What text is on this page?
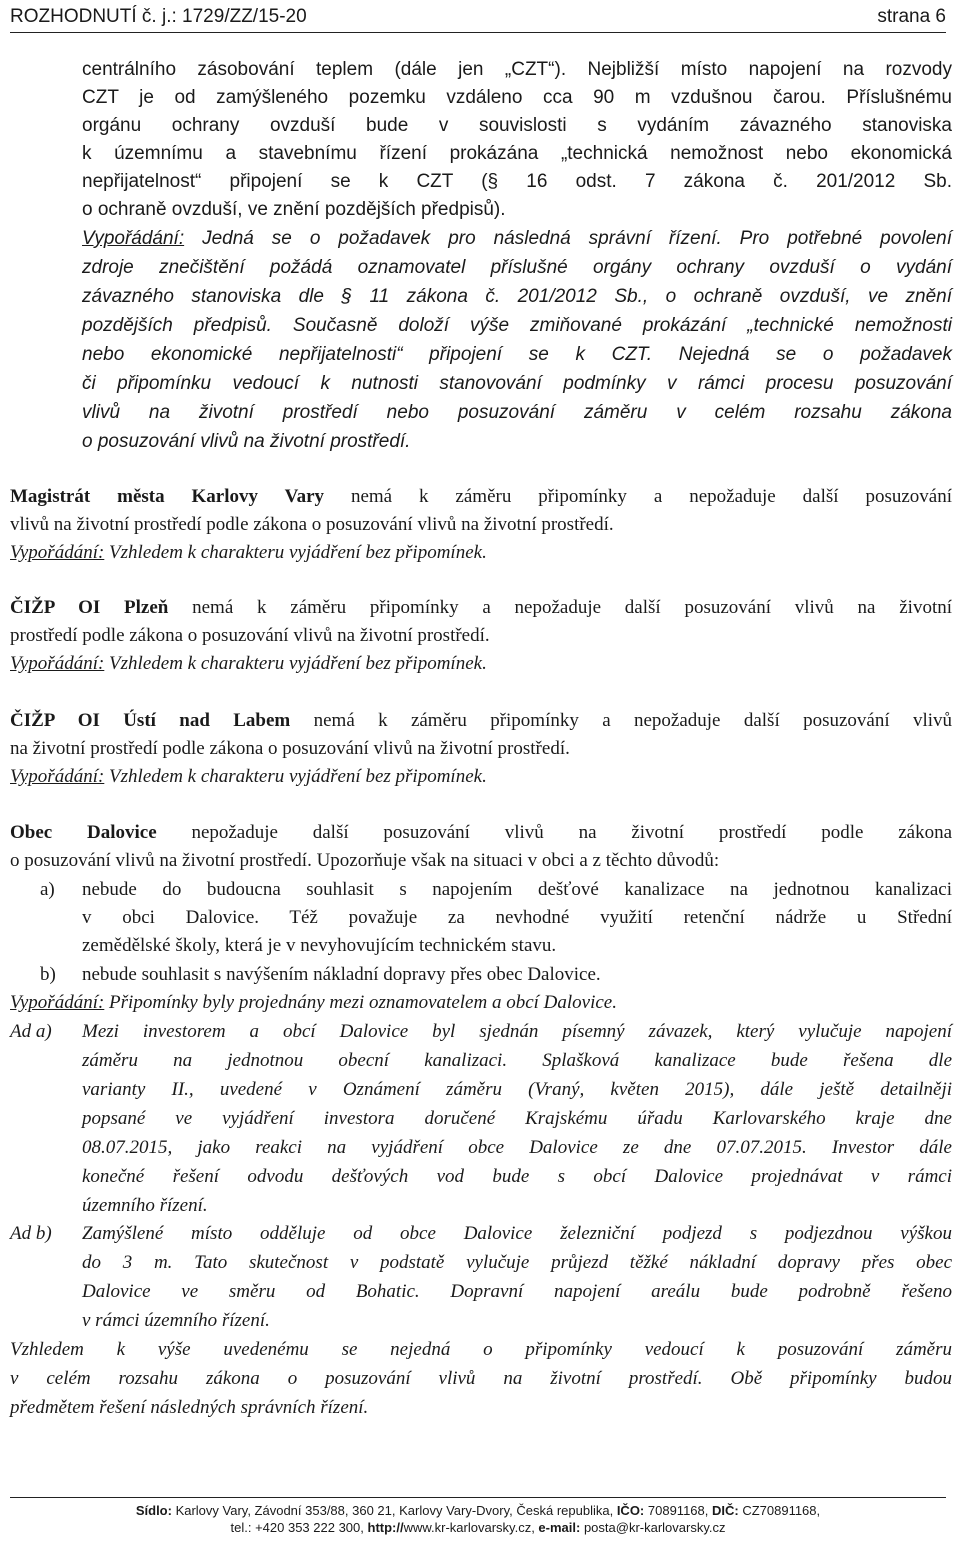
ROZHODNUTÍ č. j.: 1729/ZZ/15-20	strana 6
centrálního zásobování teplem (dále jen „CZT“). Nejbližší místo napojení na rozvody
CZT je od zamýšleného pozemku vzdáleno cca 90 m vzdušnou čarou. Příslušnému
orgánu ochrany ovzduší bude v souvislosti s vydáním závazného stanoviska
k územnímu a stavebnímu řízení prokázána „technická nemožnost nebo ekonomická
nepřijatelnost“ připojení se k CZT (§ 16 odst. 7 zákona č. 201/2012 Sb.
o ochraně ovzduší, ve znění pozdějších předpisů).
Vypořádání: Jedná se o požadavek pro následná správní řízení. Pro potřebné povolení
zdroje znečištění požádá oznamovatel příslušné orgány ochrany ovzduší o vydání
závazného stanoviska dle § 11 zákona č. 201/2012 Sb., o ochraně ovzduší, ve znění
pozdějších předpisů. Současně doloží výše zmiňované prokázání „technické nemožnosti
nebo ekonomické nepřijatelnosti“ připojení se k CZT. Nejedná se o požadavek
či připomínku vedoucí k nutnosti stanovování podmínky v rámci procesu posuzování
vlivů na životní prostředí nebo posuzování záměru v celém rozsahu zákona
o posuzování vlivů na životní prostředí.
Magistrát města Karlovy Vary nemá k záměru připomínky a nepožaduje další posuzování
vlivů na životní prostředí podle zákona o posuzování vlivů na životní prostředí.
Vypořádání: Vzhledem k charakteru vyjádření bez připomínek.
ČIŽP OI Plzeň nemá k záměru připomínky a nepožaduje další posuzování vlivů na životní
prostředí podle zákona o posuzování vlivů na životní prostředí.
Vypořádání: Vzhledem k charakteru vyjádření bez připomínek.
ČIŽP OI Ústí nad Labem nemá k záměru připomínky a nepožaduje další posuzování vlivů
na životní prostředí podle zákona o posuzování vlivů na životní prostředí.
Vypořádání: Vzhledem k charakteru vyjádření bez připomínek.
Obec Dalovice nepožaduje další posuzování vlivů na životní prostředí podle zákona
o posuzování vlivů na životní prostředí. Upozorňuje však na situaci v obci a z těchto důvodů:
a) nebude do budoucna souhlasit s napojením dešťové kanalizace na jednotnou kanalizaci
v obci Dalovice. Též považuje za nevhodné využití retenční nádrže u Střední
zemědělské školy, která je v nevyhovujícím technickém stavu.
b) nebude souhlasit s navýšením nákladní dopravy přes obec Dalovice.
Vypořádání: Připomínky byly projednány mezi oznamovatelem a obcí Dalovice.
Ad a) Mezi investorem a obcí Dalovice byl sjednán písemný závazek, který vylučuje napojení
záměru na jednotnou obecní kanalizaci. Splašková kanalizace bude řešena dle
varianty II., uvedené v Oznámení záměru (Vraný, květen 2015), dále ještě detailněji
popsané ve vyjádření investora doručené Krajskému úřadu Karlovarského kraje dne
08.07.2015, jako reakci na vyjádření obce Dalovice ze dne 07.07.2015. Investor dále
konečné řešení odvodu dešťových vod bude s obcí Dalovice projednávat v rámci
územního řízení.
Ad b) Zamýšlené místo odděluje od obce Dalovice železniční podjezd s podjezdnou výškou
do 3 m. Tato skutečnost v podstatě vylučuje průjezd těžké nákladní dopravy přes obec
Dalovice ve směru od Bohatic. Dopravní napojení areálu bude podrobně řešeno
v rámci územního řízení.
Vzhledem k výše uvedenému se nejedná o připomínky vedoucí k posuzování záměru
v celém rozsahu zákona o posuzování vlivů na životní prostředí. Obě připomínky budou
předmětem řešení následných správních řízení.
Sídlo: Karlovy Vary, Závodní 353/88, 360 21, Karlovy Vary-Dvory, Česká republika, IČO: 70891168, DIČ: CZ70891168,
tel.: +420 353 222 300, http://www.kr-karlovarsky.cz, e-mail: posta@kr-karlovarsky.cz
